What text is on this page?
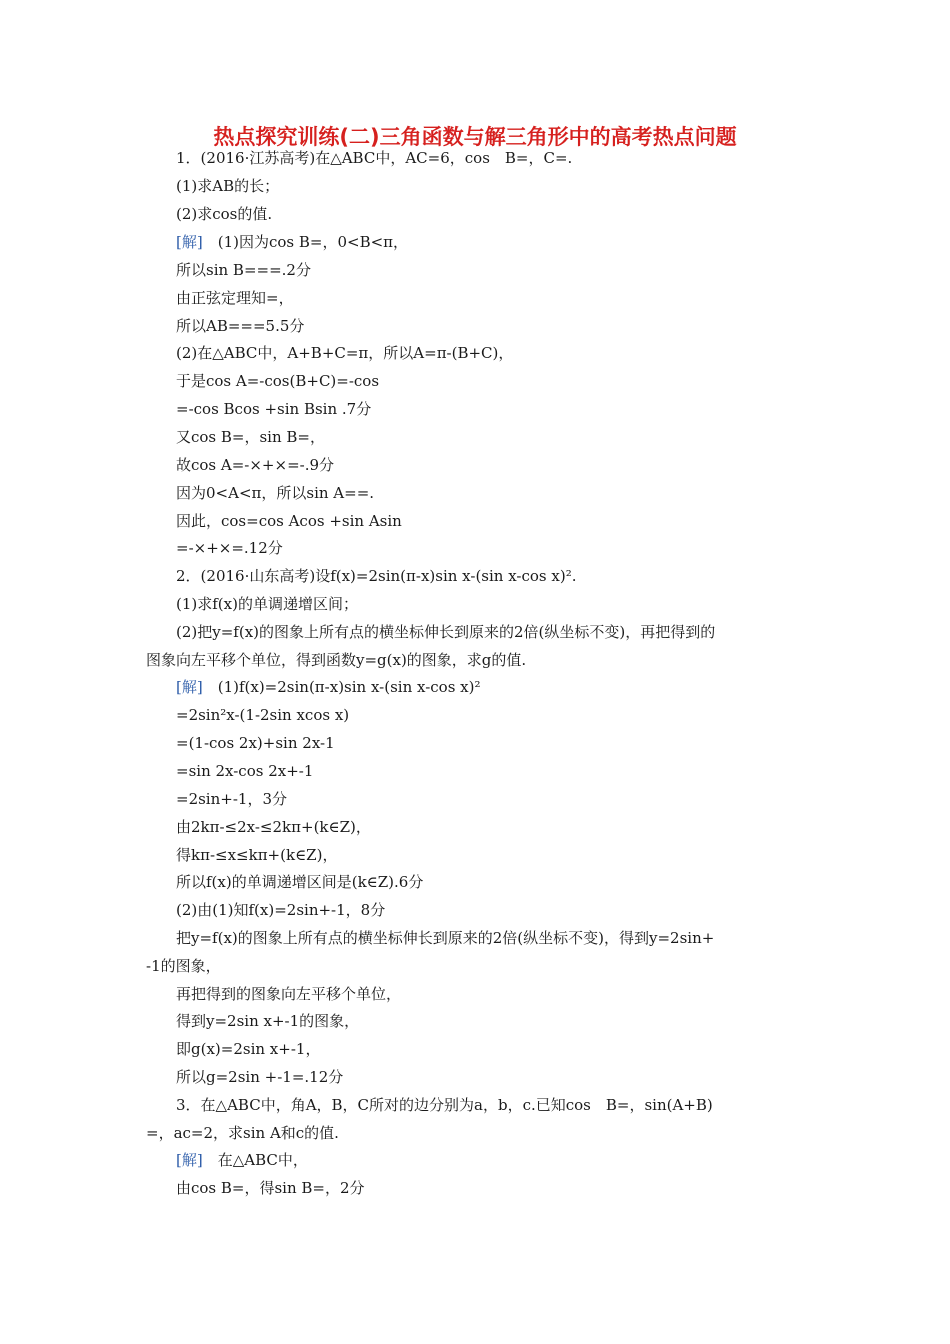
热点探究训练(二)三角函数与解三角形中的高考热点问题
1．(2016·江苏高考)在△ABC中，AC=6，cos　B=，C=.
(1)求AB的长；
(2)求cos的值.
[解]　(1)因为cos B=，0<B<π，
所以sin B===.2分
由正弦定理知=，
所以AB===5.5分
(2)在△ABC中，A+B+C=π，所以A=π-(B+C)，
于是cos A=-cos(B+C)=-cos
=-cos Bcos +sin Bsin .7分
又cos B=，sin B=，
故cos A=-×+×=-.9分
因为0<A<π，所以sin A==.
因此，cos=cos Acos +sin Asin
=-×+×=.12分
2．(2016·山东高考)设f(x)=2sin(π-x)sin x-(sin x-cos x)².
(1)求f(x)的单调递增区间；
(2)把y=f(x)的图象上所有点的横坐标伸长到原来的2倍(纵坐标不变)，再把得到的
图象向左平移个单位，得到函数y=g(x)的图象，求g的值.
[解]　(1)f(x)=2sin(π-x)sin x-(sin x-cos x)²
=2sin²x-(1-2sin xcos x)
=(1-cos 2x)+sin 2x-1
=sin 2x-cos 2x+-1
=2sin+-1，3分
由2kπ-≤2x-≤2kπ+(k∈Z)，
得kπ-≤x≤kπ+(k∈Z)，
所以f(x)的单调递增区间是(k∈Z).6分
(2)由(1)知f(x)=2sin+-1，8分
把y=f(x)的图象上所有点的横坐标伸长到原来的2倍(纵坐标不变)，得到y=2sin+
-1的图象，
再把得到的图象向左平移个单位，
得到y=2sin x+-1的图象，
即g(x)=2sin x+-1，
所以g=2sin +-1=.12分
3．在△ABC中，角A，B，C所对的边分别为a，b，c.已知cos　B=，sin(A+B)
=，ac=2，求sin A和c的值.
[解]　在△ABC中，
由cos B=，得sin B=，2分
